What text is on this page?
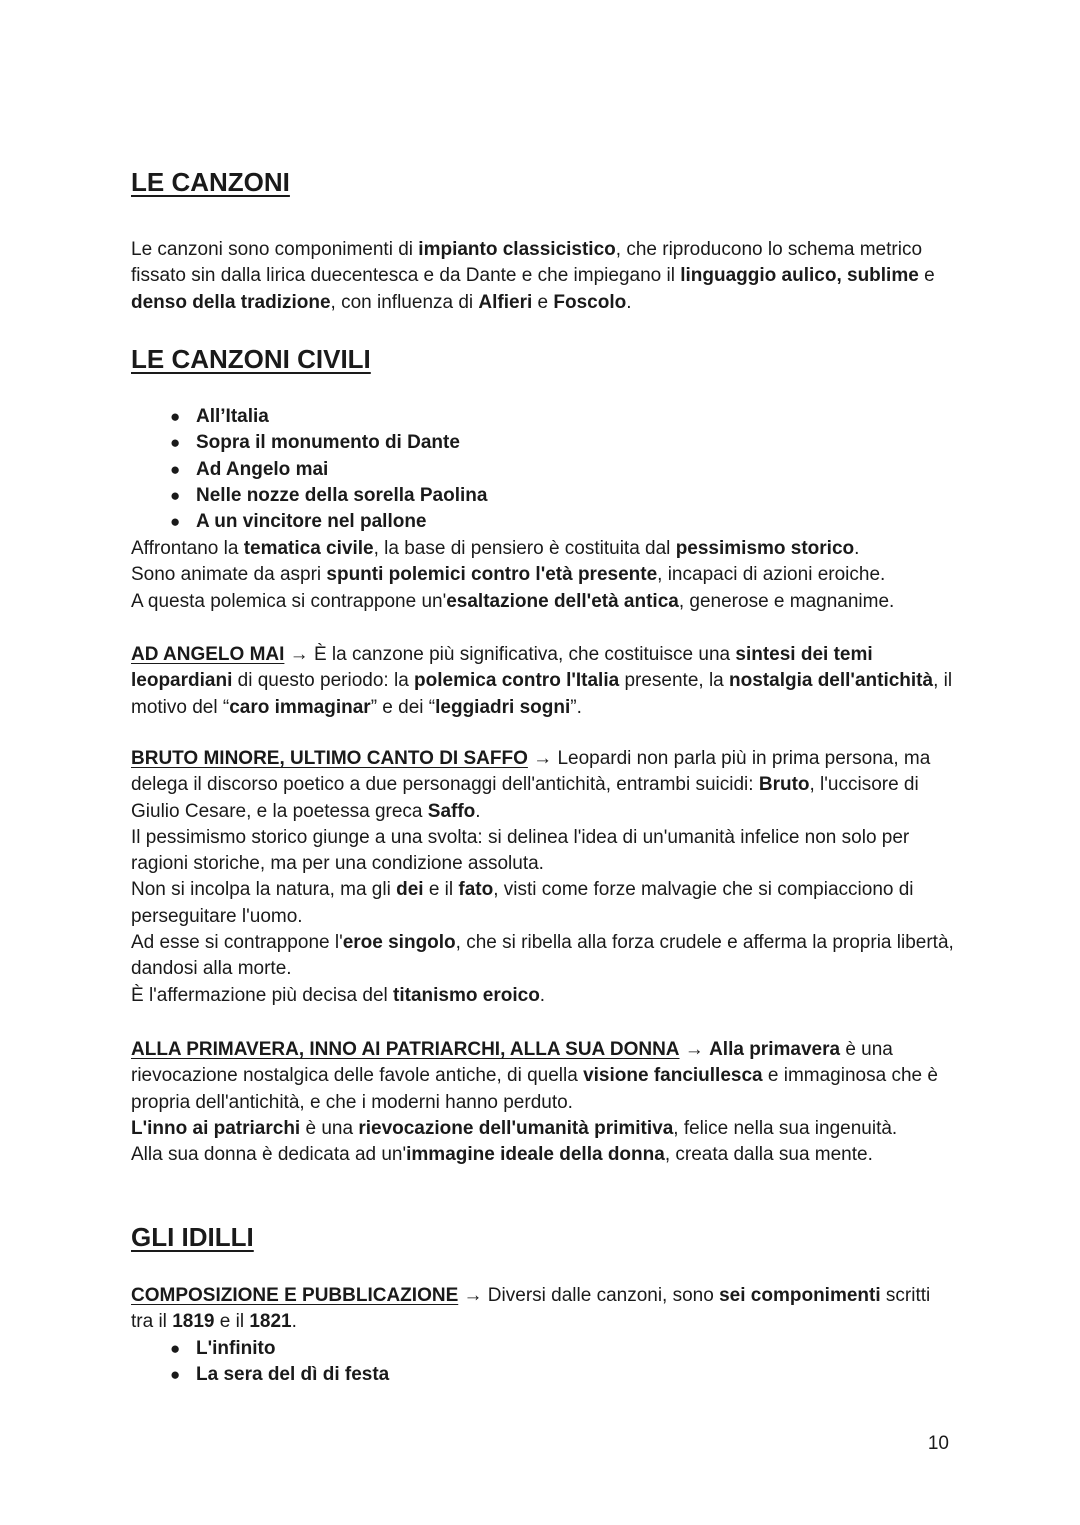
LE CANZONI

Le canzoni sono componimenti di impianto classicistico, che riproducono lo schema metrico fissato sin dalla lirica duecentesca e da Dante e che impiegano il linguaggio aulico, sublime e denso della tradizione, con influenza di Alfieri e Foscolo.

LE CANZONI CIVILI
● All’Italia
● Sopra il monumento di Dante
● Ad Angelo mai
● Nelle nozze della sorella Paolina
● A un vincitore nel pallone

Affrontano la tematica civile, la base di pensiero è costituita dal pessimismo storico.
Sono animate da aspri spunti polemici contro l'età presente, incapaci di azioni eroiche.
A questa polemica si contrappone un'esaltazione dell'età antica, generose e magnanime.

AD ANGELO MAI → È la canzone più significativa, che costituisce una sintesi dei temi leopardiani di questo periodo: la polemica contro l'Italia presente, la nostalgia dell'antichità, il motivo del “caro immaginar” e dei “leggiadri sogni”.

BRUTO MINORE, ULTIMO CANTO DI SAFFO → Leopardi non parla più in prima persona, ma delega il discorso poetico a due personaggi dell'antichità, entrambi suicidi: Bruto, l'uccisore di Giulio Cesare, e la poetessa greca Saffo.
Il pessimismo storico giunge a una svolta: si delinea l'idea di un'umanità infelice non solo per ragioni storiche, ma per una condizione assoluta.
Non si incolpa la natura, ma gli dei e il fato, visti come forze malvagie che si compiacciono di perseguitare l'uomo.
Ad esse si contrappone l'eroe singolo, che si ribella alla forza crudele e afferma la propria libertà, dandosi alla morte.
È l'affermazione più decisa del titanismo eroico.

ALLA PRIMAVERA, INNO AI PATRIARCHI, ALLA SUA DONNA → Alla primavera è una rievocazione nostalgica delle favole antiche, di quella visione fanciullesca e immaginosa che è propria dell'antichità, e che i moderni hanno perduto.
L'inno ai patriarchi è una rievocazione dell'umanità primitiva, felice nella sua ingenuità.
Alla sua donna è dedicata ad un'immagine ideale della donna, creata dalla sua mente.

GLI IDILLI

COMPOSIZIONE E PUBBLICAZIONE → Diversi dalle canzoni, sono sei componimenti scritti tra il 1819 e il 1821.

● L'infinito
● La sera del dì di festa
10
